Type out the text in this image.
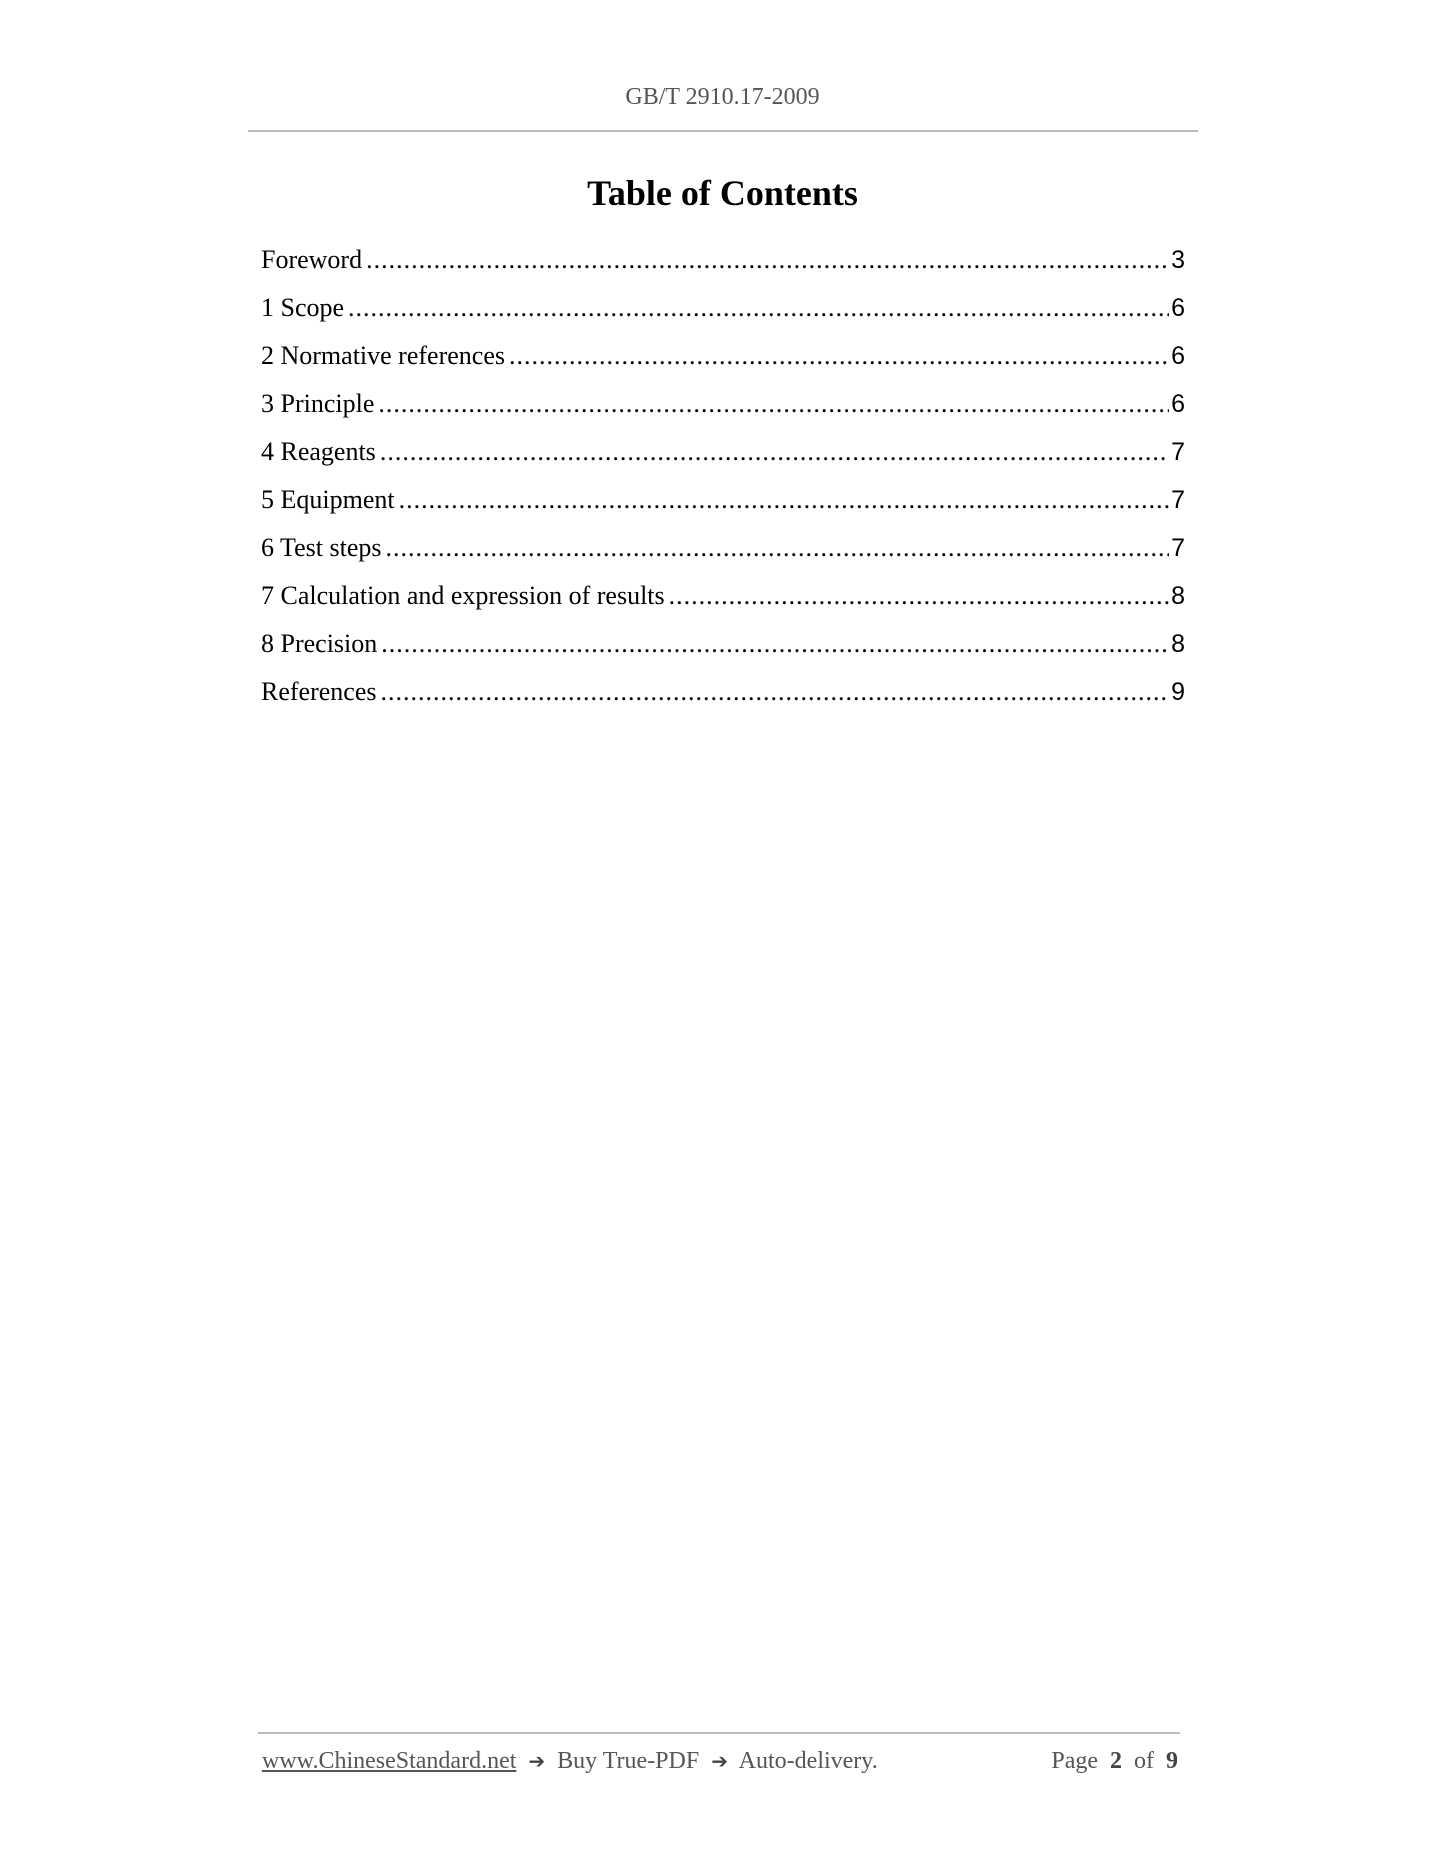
GB/T 2910.17-2009
Table of Contents
Foreword .....	3
1 Scope .....	6
2 Normative references .....	6
3 Principle .....	6
4 Reagents .....	7
5 Equipment .....	7
6 Test steps .....	7
7 Calculation and expression of results .....	8
8 Precision .....	8
References .....	9
www.ChineseStandard.net ➔ Buy True-PDF ➔ Auto-delivery.	Page 2 of 9
